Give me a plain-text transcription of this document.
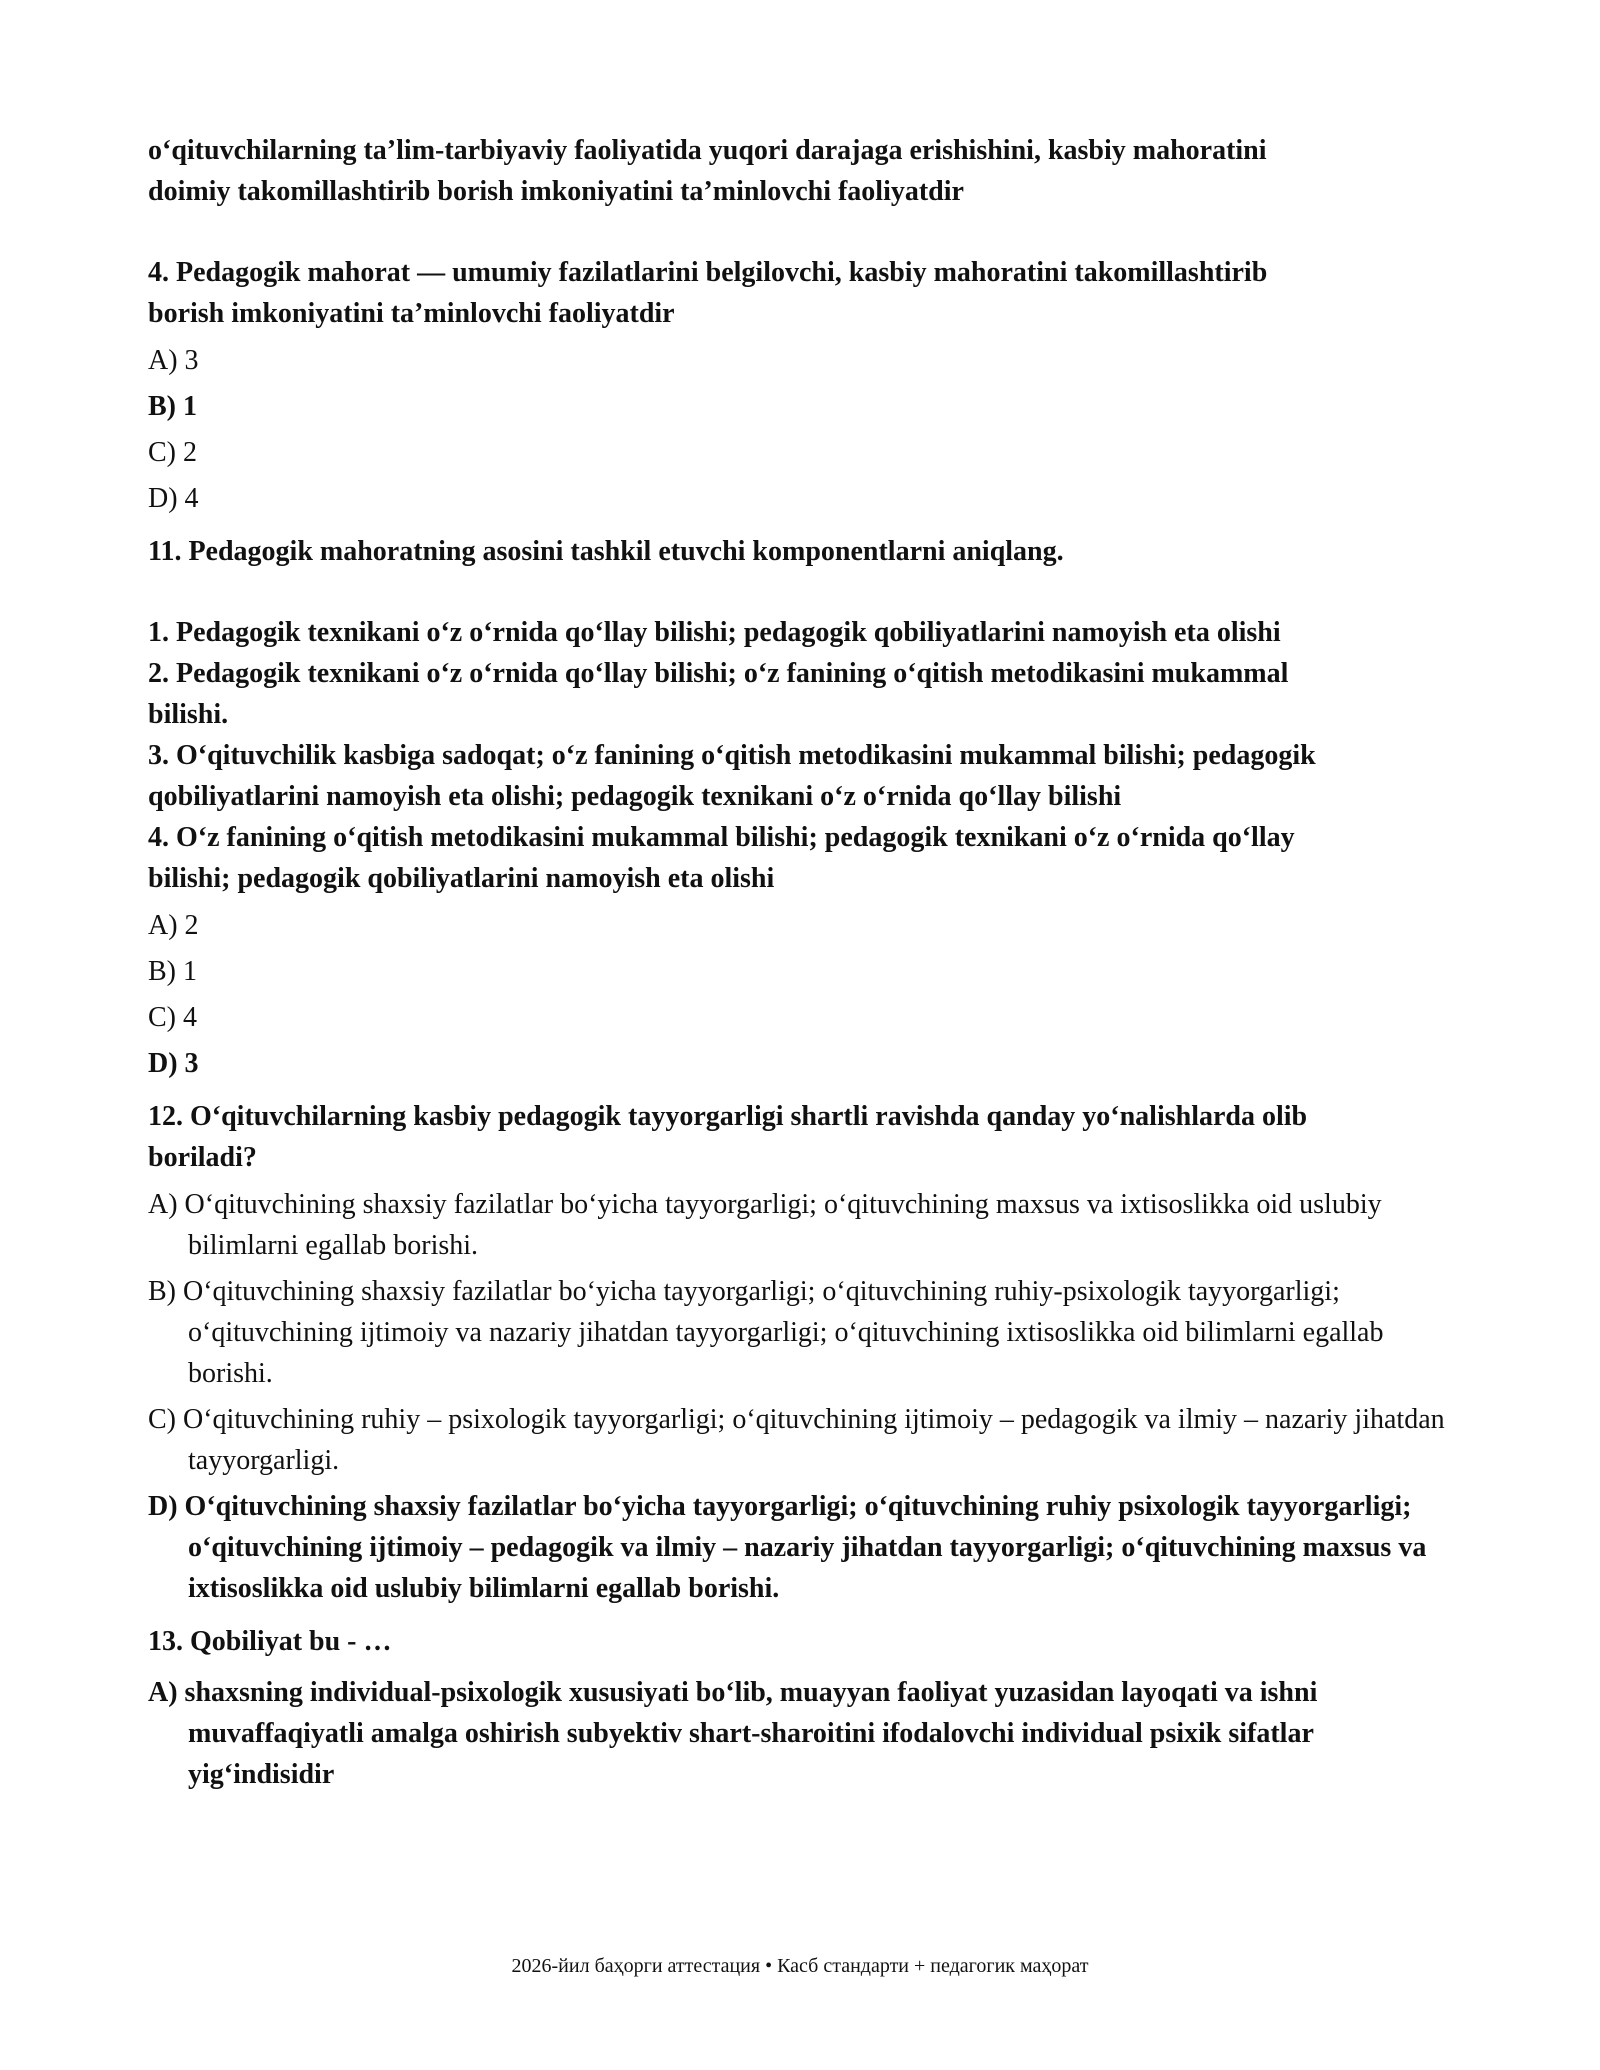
o‘qituvchilarning ta’lim-tarbiyaviy faoliyatida yuqori darajaga erishishini, kasbiy mahoratini

doimiy takomillashtirib borish imkoniyatini ta’minlovchi faoliyatdir

4. Pedagogik mahorat — umumiy fazilatlarini belgilovchi, kasbiy mahoratini takomillashtirib

borish imkoniyatini ta’minlovchi faoliyatdir

A) 3

B) 1

C) 2

D) 4

11. Pedagogik mahoratning asosini tashkil etuvchi komponentlarni aniqlang.

1. Pedagogik texnikani o‘z o‘rnida qo‘llay bilishi; pedagogik qobiliyatlarini namoyish eta olishi

2. Pedagogik texnikani o‘z o‘rnida qo‘llay bilishi; o‘z fanining o‘qitish metodikasini mukammal

bilishi.

3. O‘qituvchilik kasbiga sadoqat; o‘z fanining o‘qitish metodikasini mukammal bilishi; pedagogik

qobiliyatlarini namoyish eta olishi; pedagogik texnikani o‘z o‘rnida qo‘llay bilishi

4. O‘z fanining o‘qitish metodikasini mukammal bilishi; pedagogik texnikani o‘z o‘rnida qo‘llay

bilishi; pedagogik qobiliyatlarini namoyish eta olishi

A) 2

B) 1

C) 4

D) 3

12. O‘qituvchilarning kasbiy pedagogik tayyorgarligi shartli ravishda qanday yo‘nalishlarda olib

boriladi?

A) O‘qituvchining shaxsiy fazilatlar bo‘yicha tayyorgarligi; o‘qituvchining maxsus va ixtisoslikka oid uslubiy bilimlarni egallab borishi.

B) O‘qituvchining shaxsiy fazilatlar bo‘yicha tayyorgarligi; o‘qituvchining ruhiy-psixologik tayyorgarligi; o‘qituvchining ijtimoiy va nazariy jihatdan tayyorgarligi; o‘qituvchining ixtisoslikka oid bilimlarni egallab borishi.

C) O‘qituvchining ruhiy – psixologik tayyorgarligi; o‘qituvchining ijtimoiy – pedagogik va ilmiy – nazariy jihatdan tayyorgarligi.

D) O‘qituvchining shaxsiy fazilatlar bo‘yicha tayyorgarligi; o‘qituvchining ruhiy psixologik tayyorgarligi; o‘qituvchining ijtimoiy – pedagogik va ilmiy – nazariy jihatdan tayyorgarligi; o‘qituvchining maxsus va ixtisoslikka oid uslubiy bilimlarni egallab borishi.

13. Qobiliyat bu - …

A) shaxsning individual-psixologik xususiyati bo‘lib, muayyan faoliyat yuzasidan layoqati va ishni muvaffaqiyatli amalga oshirish subyektiv shart-sharoitini ifodalovchi individual psixik sifatlar yig‘indisidir

2026-йил баҳорги аттестация • Касб стандарти + педагогик маҳорат
